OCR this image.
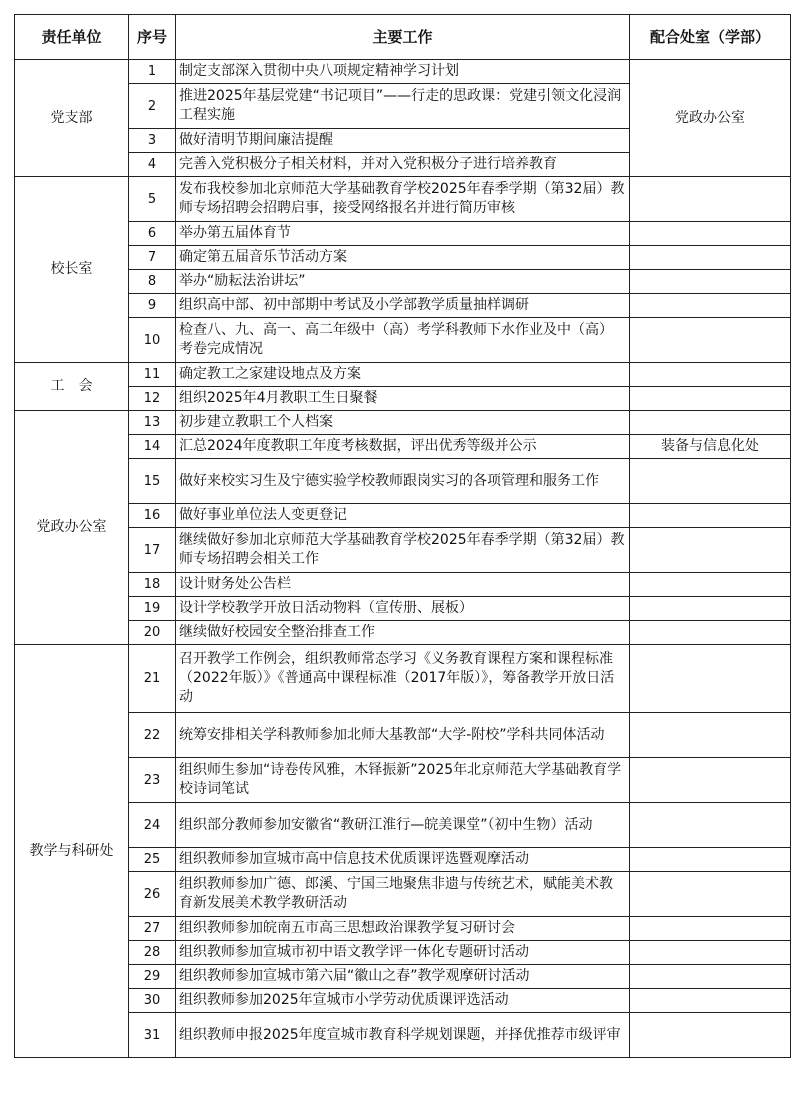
责任单位	序号	主要工作	配合处室（学部）
党支部	1	制定支部深入贯彻中央八项规定精神学习计划	党政办公室
	2	推进2025年基层党建“书记项目”——行走的思政课：党建引领文化浸润工程实施	
	3	做好清明节期间廉洁提醒	
	4	完善入党积极分子相关材料，并对入党积极分子进行培养教育	
校长室	5	发布我校参加北京师范大学基础教育学校2025年春季学期（第32届）教师专场招聘会招聘启事，接受网络报名并进行简历审核	
	6	举办第五届体育节	
	7	确定第五届音乐节活动方案	
	8	举办“励耘法治讲坛”	
	9	组织高中部、初中部期中考试及小学部教学质量抽样调研	
	10	检查八、九、高一、高二年级中（高）考学科教师下水作业及中（高）考卷完成情况	
工　会	11	确定教工之家建设地点及方案	
	12	组织2025年4月教职工生日聚餐	
党政办公室	13	初步建立教职工个人档案	
	14	汇总2024年度教职工年度考核数据，评出优秀等级并公示	装备与信息化处
	15	做好来校实习生及宁德实验学校教师跟岗实习的各项管理和服务工作	
	16	做好事业单位法人变更登记	
	17	继续做好参加北京师范大学基础教育学校2025年春季学期（第32届）教师专场招聘会相关工作	
	18	设计财务处公告栏	
	19	设计学校教学开放日活动物料（宣传册、展板）	
	20	继续做好校园安全整治排查工作	
教学与科研处	21	召开教学工作例会，组织教师常态学习《义务教育课程方案和课程标准（2022年版）》《普通高中课程标准（2017年版）》，筹备教学开放日活动	
	22	统筹安排相关学科教师参加北师大基教部“大学-附校”学科共同体活动	
	23	组织师生参加“诗卷传风雅，木铎振新”2025年北京师范大学基础教育学校诗词笔试	
	24	组织部分教师参加安徽省“教研江淮行—皖美课堂”（初中生物）活动	
	25	组织教师参加宣城市高中信息技术优质课评选暨观摩活动	
	26	组织教师参加广德、郎溪、宁国三地聚焦非遗与传统艺术，赋能美术教育新发展美术教学教研活动	
	27	组织教师参加皖南五市高三思想政治课教学复习研讨会	
	28	组织教师参加宣城市初中语文教学评一体化专题研讨活动	
	29	组织教师参加宣城市第六届“徽山之春”教学观摩研讨活动	
	30	组织教师参加2025年宣城市小学劳动优质课评选活动	
	31	组织教师申报2025年度宣城市教育科学规划课题，并择优推荐市级评审	
